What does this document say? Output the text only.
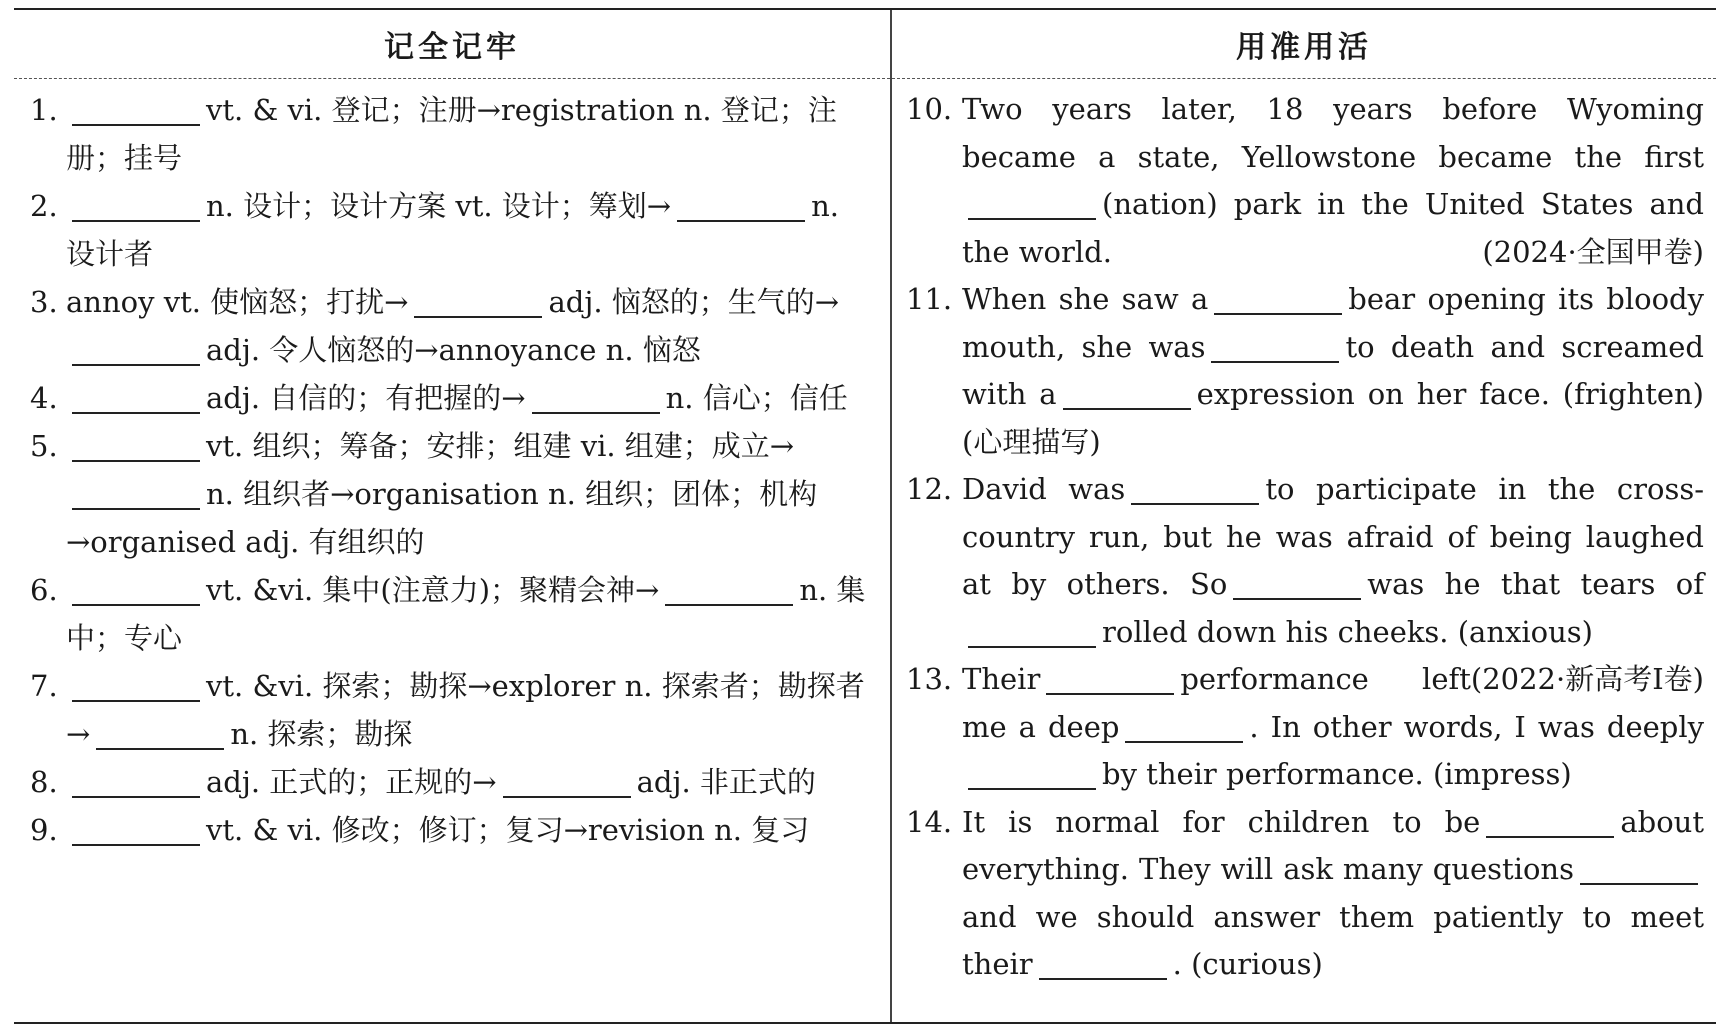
记全记牢
1.	vt. & vi. 登记；注册→registration n. 登记；注册；挂号
2.	n. 设计；设计方案 vt. 设计；筹划→	n. 设计者
3. annoy vt. 使恼怒；打扰→	adj. 恼怒的；生气的→adj. 令人恼怒的→annoyance n. 恼怒
4.	adj. 自信的；有把握的→	n. 信心；信任
5.	vt. 组织；筹备；安排；组建 vi. 组建；成立→n. 组织者→organisation n. 组织；团体；机构→organised adj. 有组织的
6.	vt. &vi. 集中(注意力)；聚精会神→	n. 集中；专心
7.	vt. &vi. 探索；勘探→explorer n. 探索者；勘探者→	n. 探索；勘探
8.	adj. 正式的；正规的→	adj. 非正式的
9.	vt. & vi. 修改；修订；复习→revision n. 复习
用准用活
10. Two years later, 18 years before Wyoming became a state, Yellowstone became the first(nation) park in the United States and the world.	(2024·全国甲卷)
11. When she saw a	bear opening its bloody mouth, she was	to death and screamed with a	expression on her face. (frighten)(心理描写)
12. David was	to participate in the cross-country run, but he was afraid of being laughed at by others. So	was he that tears ofrolled down his cheeks. (anxious)
(2022·新高考Ⅰ卷)
13. Their	performance left me a deep	. In other words, I was deeplyby their performance. (impress)
14. It is normal for children to be	about everything. They will ask many questionsand we should answer them patiently to meet their	. (curious)
